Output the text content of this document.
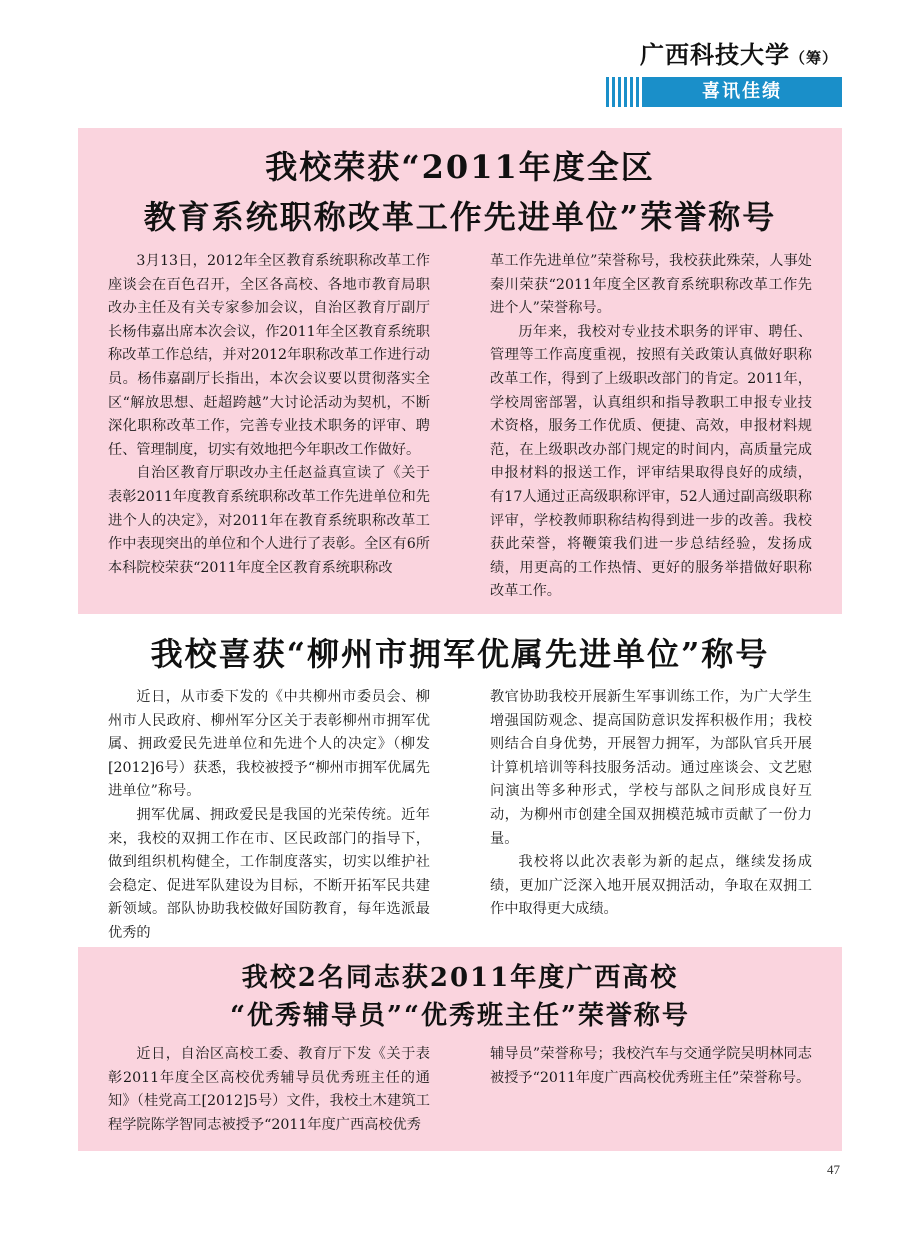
广西科技大学（筹）
喜讯佳绩
我校荣获“2011年度全区
教育系统职称改革工作先进单位”荣誉称号

3月13日，2012年全区教育系统职称改革工作座谈会在百色召开，全区各高校、各地市教育局职改办主任及有关专家参加会议，自治区教育厅副厅长杨伟嘉出席本次会议，作2011年全区教育系统职称改革工作总结，并对2012年职称改革工作进行动员。杨伟嘉副厅长指出，本次会议要以贯彻落实全区“解放思想、赶超跨越”大讨论活动为契机，不断深化职称改革工作，完善专业技术职务的评审、聘任、管理制度，切实有效地把今年职改工作做好。

自治区教育厅职改办主任赵益真宣读了《关于表彰2011年度教育系统职称改革工作先进单位和先进个人的决定》，对2011年在教育系统职称改革工作中表现突出的单位和个人进行了表彰。全区有6所本科院校荣获“2011年度全区教育系统职称改

革工作先进单位”荣誉称号，我校获此殊荣，人事处秦川荣获“2011年度全区教育系统职称改革工作先进个人”荣誉称号。

历年来，我校对专业技术职务的评审、聘任、管理等工作高度重视，按照有关政策认真做好职称改革工作，得到了上级职改部门的肯定。2011年，学校周密部署，认真组织和指导教职工申报专业技术资格，服务工作优质、便捷、高效，申报材料规范，在上级职改办部门规定的时间内，高质量完成申报材料的报送工作，评审结果取得良好的成绩，有17人通过正高级职称评审，52人通过副高级职称评审，学校教师职称结构得到进一步的改善。我校获此荣誉，将鞭策我们进一步总结经验，发扬成绩，用更高的工作热情、更好的服务举措做好职称改革工作。

我校喜获“柳州市拥军优属先进单位”称号

近日，从市委下发的《中共柳州市委员会、柳州市人民政府、柳州军分区关于表彰柳州市拥军优属、拥政爱民先进单位和先进个人的决定》（柳发[2012]6号）获悉，我校被授予“柳州市拥军优属先进单位”称号。

拥军优属、拥政爱民是我国的光荣传统。近年来，我校的双拥工作在市、区民政部门的指导下，做到组织机构健全，工作制度落实，切实以维护社会稳定、促进军队建设为目标，不断开拓军民共建新领域。部队协助我校做好国防教育，每年选派最优秀的

教官协助我校开展新生军事训练工作，为广大学生增强国防观念、提高国防意识发挥积极作用；我校则结合自身优势，开展智力拥军，为部队官兵开展计算机培训等科技服务活动。通过座谈会、文艺慰问演出等多种形式，学校与部队之间形成良好互动，为柳州市创建全国双拥模范城市贡献了一份力量。

我校将以此次表彰为新的起点，继续发扬成绩，更加广泛深入地开展双拥活动，争取在双拥工作中取得更大成绩。

我校2名同志获2011年度广西高校
“优秀辅导员”“优秀班主任”荣誉称号

近日，自治区高校工委、教育厅下发《关于表彰2011年度全区高校优秀辅导员优秀班主任的通知》（桂党高工[2012]5号）文件，我校土木建筑工程学院陈学智同志被授予“2011年度广西高校优秀

辅导员”荣誉称号；我校汽车与交通学院吴明林同志被授予“2011年度广西高校优秀班主任”荣誉称号。

47
